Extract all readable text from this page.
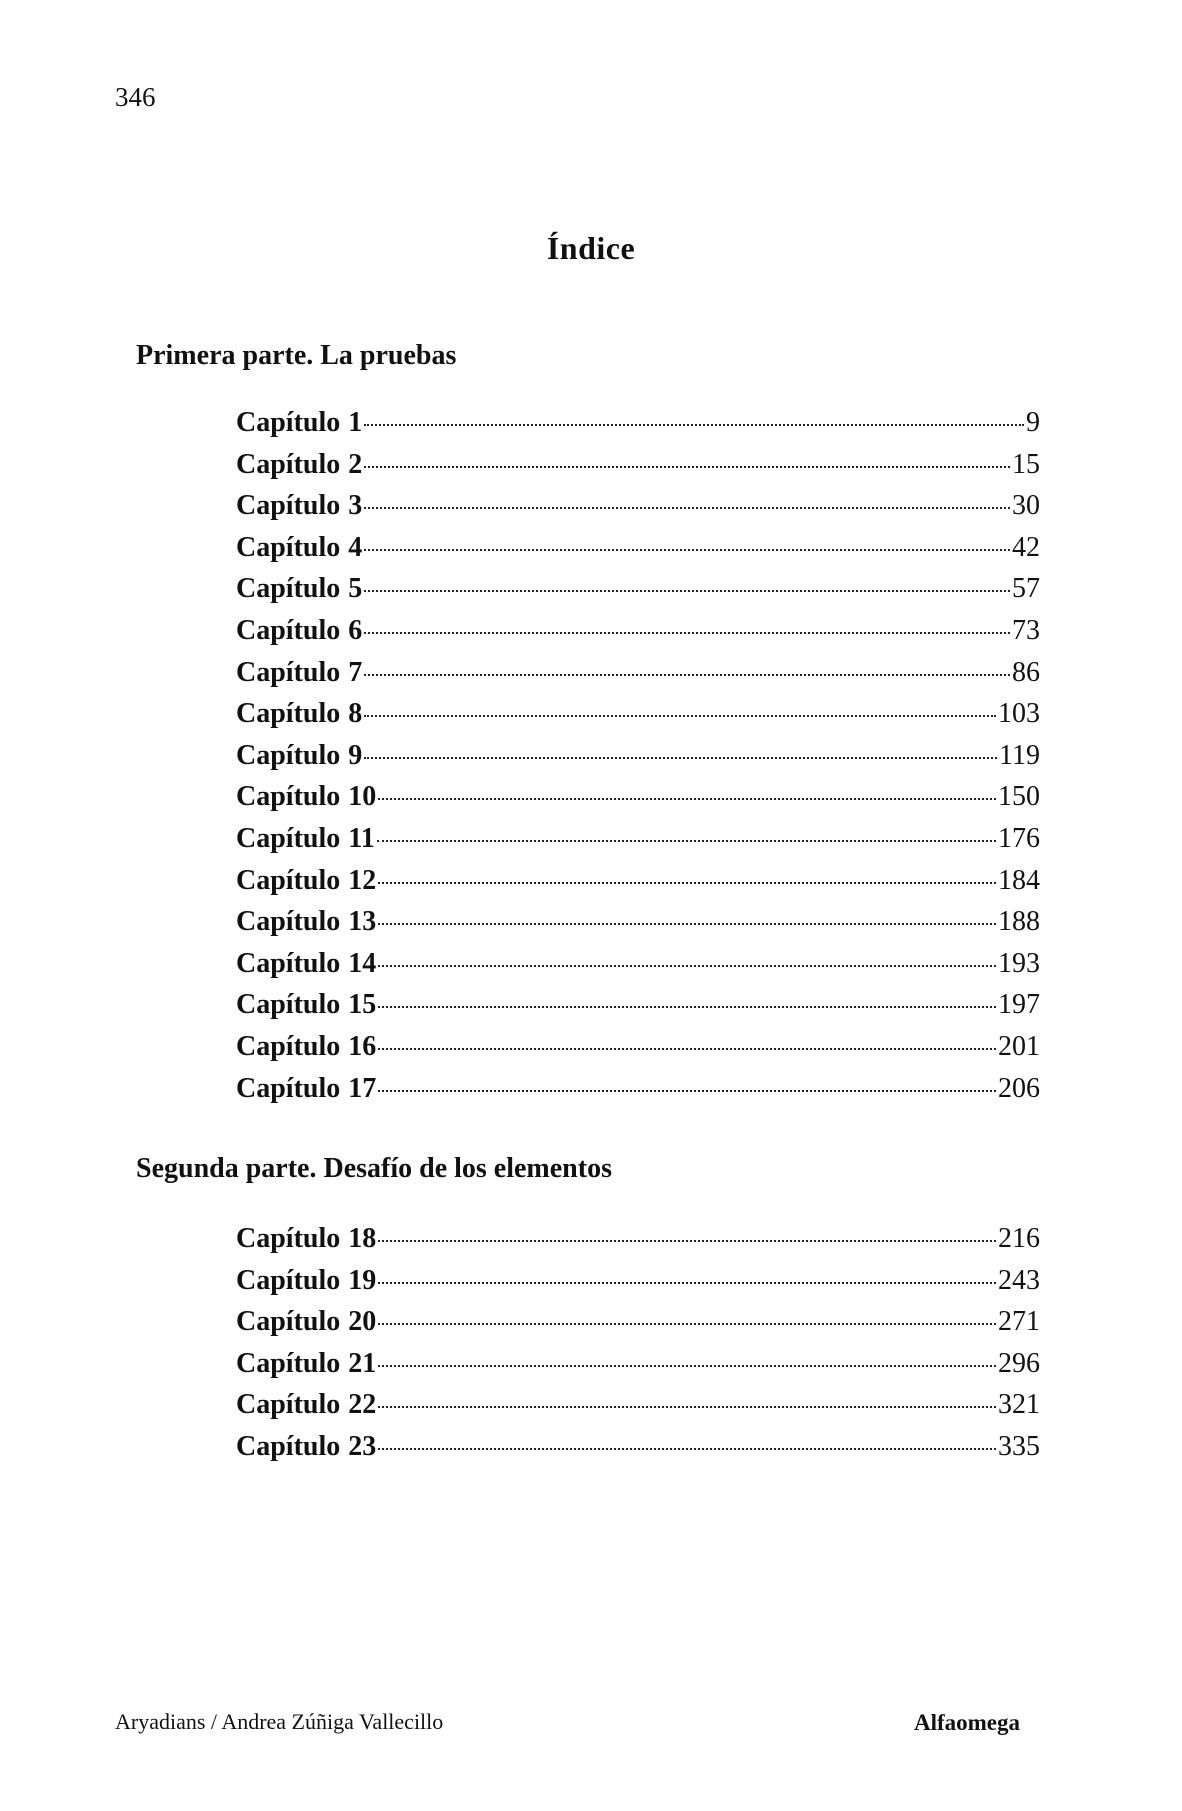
346
Índice
Primera parte. La pruebas
Capítulo 1	9
Capítulo 2	15
Capítulo 3	30
Capítulo 4	42
Capítulo 5	57
Capítulo 6	73
Capítulo 7	86
Capítulo 8	103
Capítulo 9	119
Capítulo 10	150
Capítulo 11	176
Capítulo 12	184
Capítulo 13	188
Capítulo 14	193
Capítulo 15	197
Capítulo 16	201
Capítulo 17	206
Segunda parte. Desafío de los elementos
Capítulo 18	216
Capítulo 19	243
Capítulo 20	271
Capítulo 21	296
Capítulo 22	321
Capítulo 23	335
Aryadians / Andrea Zúñiga Vallecillo	Alfaomega
